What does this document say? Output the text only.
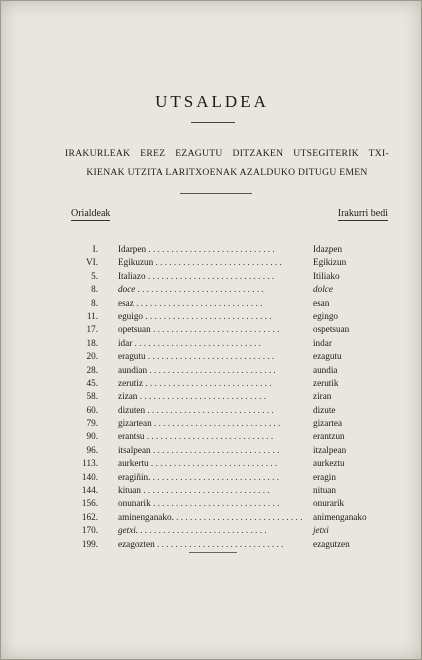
UTSALDEA
IRAKURLEAK EREZ EZAGUTU DITZAKEN UTSEGITERIK TXI-
KIENAK UTZITA LARITXOENAK AZALDUKO DITUGU EMEN
Orialdeak	Irakurri bedi
I. Idarpen . . .	Idazpen
VI. Egikuzun . . .	Egikizun
5. Italiazo . . .	Itiliako
8. doce . . .	dolce
8. esaz . . .	esan
11. eguigo . . .	egingo
17. opetsuan . . .	ospetsuan
18. idar . . .	indar
20. eragutu . . .	ezagutu
28. aundian . . .	aundia
45. zerutiz . . .	zerutik
58. zizan . . .	ziran
60. dizuten . . .	dizute
79. gizartean . . .	gizartea
90. erantsu . . .	erantzun
96. itsalpean . . .	itzalpean
113. aurkertu . . .	aurkeztu
140. eragiñin. . . .	eragin
144. kituan . . .	nituan
156. onunarik . . .	onurarik
162. aminenganako. . . .	animenganako
170. getxi. . . .	jetxi
199. ezagozten . . .	ezagutzen
